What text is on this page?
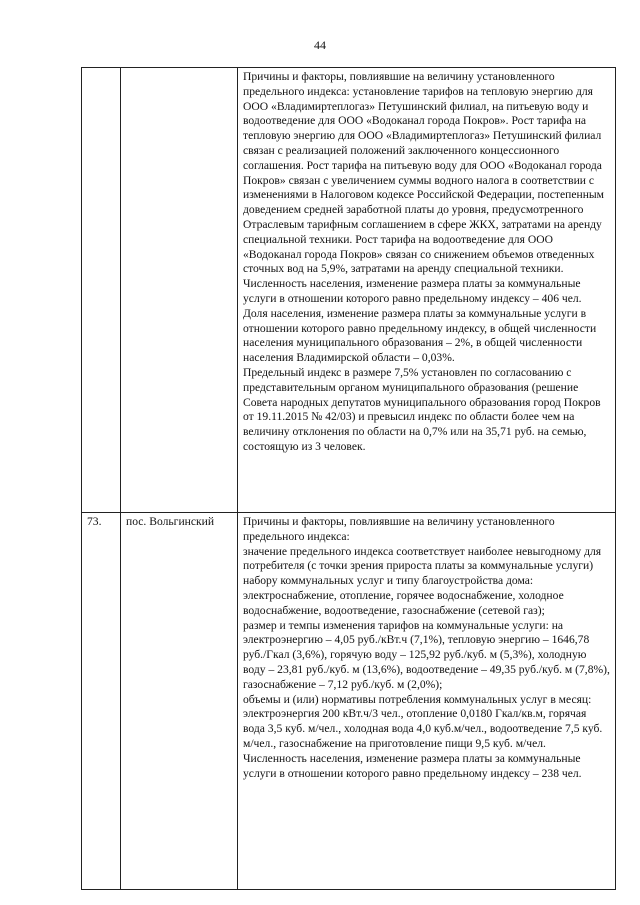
44

		Причины и факторы, повлиявшие на величину установленного предельного индекса: установление тарифов на тепловую энергию для ООО «Владимиртеплогаз» Петушинский филиал, на питьевую воду и водоотведение для ООО «Водоканал города Покров». Рост тарифа на тепловую энергию для ООО «Владимиртеплогаз» Петушинский филиал связан с реализацией положений заключенного концессионного соглашения. Рост тарифа на питьевую воду для ООО «Водоканал города Покров» связан с увеличением суммы водного налога в соответствии с изменениями в Налоговом кодексе Российской Федерации, постепенным доведением средней заработной платы до уровня, предусмотренного Отраслевым тарифным соглашением в сфере ЖКХ, затратами на аренду специальной техники. Рост тарифа на водоотведение для ООО «Водоканал города Покров» связан со снижением объемов отведенных сточных вод на 5,9%, затратами на аренду специальной техники.

Численность населения, изменение размера платы за коммунальные услуги в отношении которого равно предельному индексу – 406 чел.

Доля населения, изменение размера платы за коммунальные услуги в отношении которого равно предельному индексу, в общей численности населения муниципального образования – 2%, в общей численности населения Владимирской области – 0,03%.

Предельный индекс в размере 7,5% установлен по согласованию с представительным органом муниципального образования (решение Совета народных депутатов муниципального образования город Покров от 19.11.2015 № 42/03) и превысил индекс по области более чем на величину отклонения по области на 0,7% или на 35,71 руб. на семью, состоящую из 3 человек.

73.	пос. Вольгинский	Причины и факторы, повлиявшие на величину установленного предельного индекса:

значение предельного индекса соответствует наиболее невыгодному для потребителя (с точки зрения прироста платы за коммунальные услуги) набору коммунальных услуг и типу благоустройства дома: электроснабжение, отопление, горячее водоснабжение, холодное водоснабжение, водоотведение, газоснабжение (сетевой газ);

размер и темпы изменения тарифов на коммунальные услуги: на электроэнергию – 4,05 руб./кВт.ч (7,1%), тепловую энергию – 1646,78 руб./Гкал (3,6%), горячую воду – 125,92 руб./куб. м (5,3%), холодную воду – 23,81 руб./куб. м (13,6%), водоотведение – 49,35 руб./куб. м (7,8%), газоснабжение – 7,12 руб./куб. м (2,0%);

объемы и (или) нормативы потребления коммунальных услуг в месяц: электроэнергия 200 кВт.ч/3 чел., отопление 0,0180 Гкал/кв.м, горячая вода 3,5 куб. м/чел., холодная вода 4,0 куб.м/чел., водоотведение 7,5 куб. м/чел., газоснабжение на приготовление пищи 9,5 куб. м/чел.

Численность населения, изменение размера платы за коммунальные услуги в отношении которого равно предельному индексу – 238 чел.
